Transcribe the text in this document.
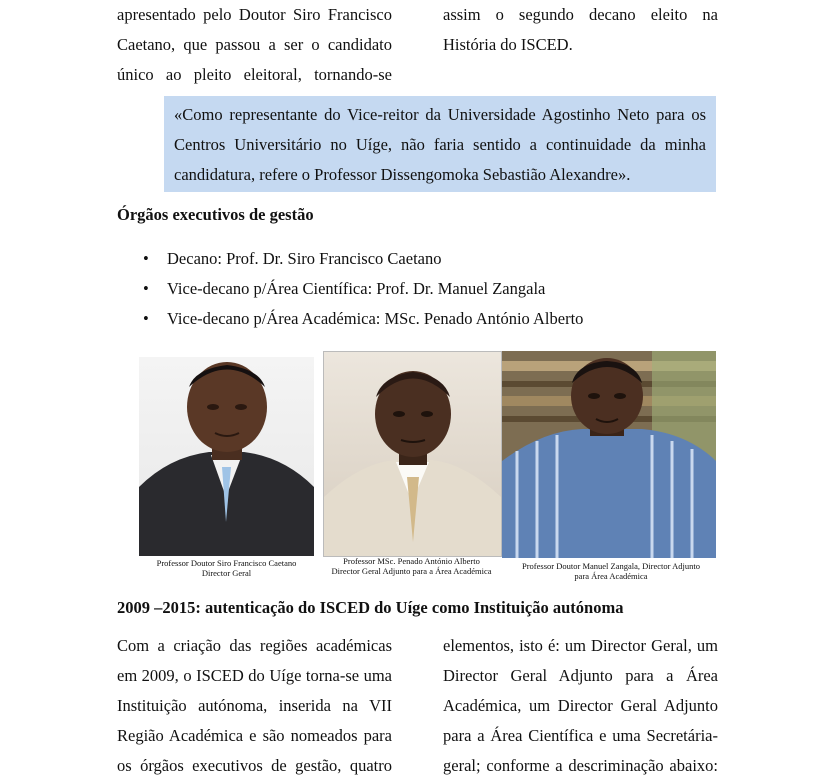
apresentado pelo Doutor Siro Francisco

Caetano, que passou a ser o candidato

único ao pleito eleitoral, tornando-se

assim o segundo decano eleito na

História do ISCED.

«Como representante do Vice-reitor da Universidade Agostinho Neto para os Centros Universitário no Uíge, não faria sentido a continuidade da minha candidatura, refere o Professor Dissengomoka Sebastião Alexandre».
Órgãos executivos de gestão
• Decano: Prof. Dr. Siro Francisco Caetano
• Vice-decano p/Área Científica: Prof. Dr. Manuel Zangala
• Vice-decano p/Área Académica: MSc. Penado António Alberto
Professor Doutor Siro Francisco Caetano
Director Geral
Professor MSc. Penado António Alberto
Director Geral Adjunto para a Área Académica	Professor Doutor Manuel Zangala, Director Adjunto
para Área Académica
2009 –2015: autenticação do ISCED do Uíge como Instituição autónoma

Com a criação das regiões académicas

em 2009, o ISCED do Uíge torna-se uma

Instituição autónoma, inserida na VII

Região Académica e são nomeados para

os órgãos executivos de gestão, quatro

elementos, isto é: um Director Geral, um

Director Geral Adjunto para a Área

Académica, um Director Geral Adjunto

para a Área Científica e uma Secretária-

geral; conforme a descriminação abaixo:
